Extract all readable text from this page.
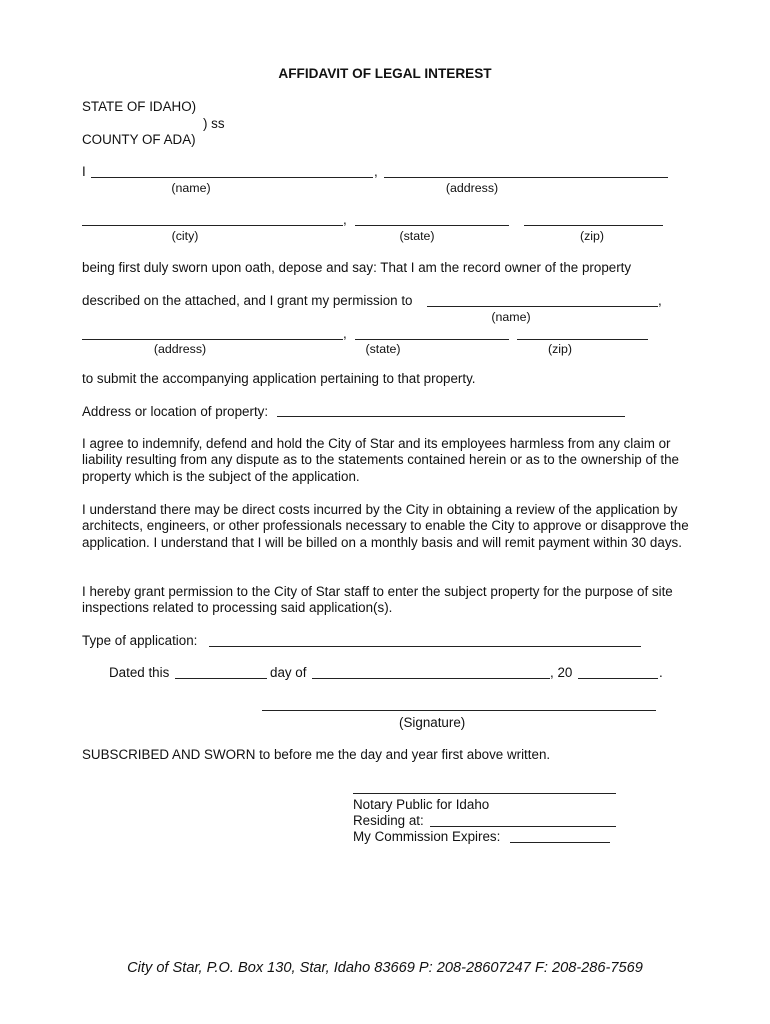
AFFIDAVIT OF LEGAL INTEREST
STATE OF IDAHO)
) ss
COUNTY OF ADA)
I	,
(name)	(address)
,
(city)	(state)	(zip)
being first duly sworn upon oath, depose and say: That I am the record owner of the property
described on the attached, and I grant my permission to	,
(name)
,
(address)	(state)	(zip)
to submit the accompanying application pertaining to that property.
Address or location of property:
I agree to indemnify, defend and hold the City of Star and its employees harmless from any claim or liability resulting from any dispute as to the statements contained herein or as to the ownership of the property which is the subject of the application.
I understand there may be direct costs incurred by the City in obtaining a review of the application by architects, engineers, or other professionals necessary to enable the City to approve or disapprove the application. I understand that I will be billed on a monthly basis and will remit payment within 30 days.
I hereby grant permission to the City of Star staff to enter the subject property for the purpose of site inspections related to processing said application(s).
Type of application:
Dated this	day of	, 20	.
(Signature)
SUBSCRIBED AND SWORN to before me the day and year first above written.
Notary Public for Idaho
Residing at:
My Commission Expires:
City of Star, P.O. Box 130, Star, Idaho 83669 P: 208-28607247 F: 208-286-7569
